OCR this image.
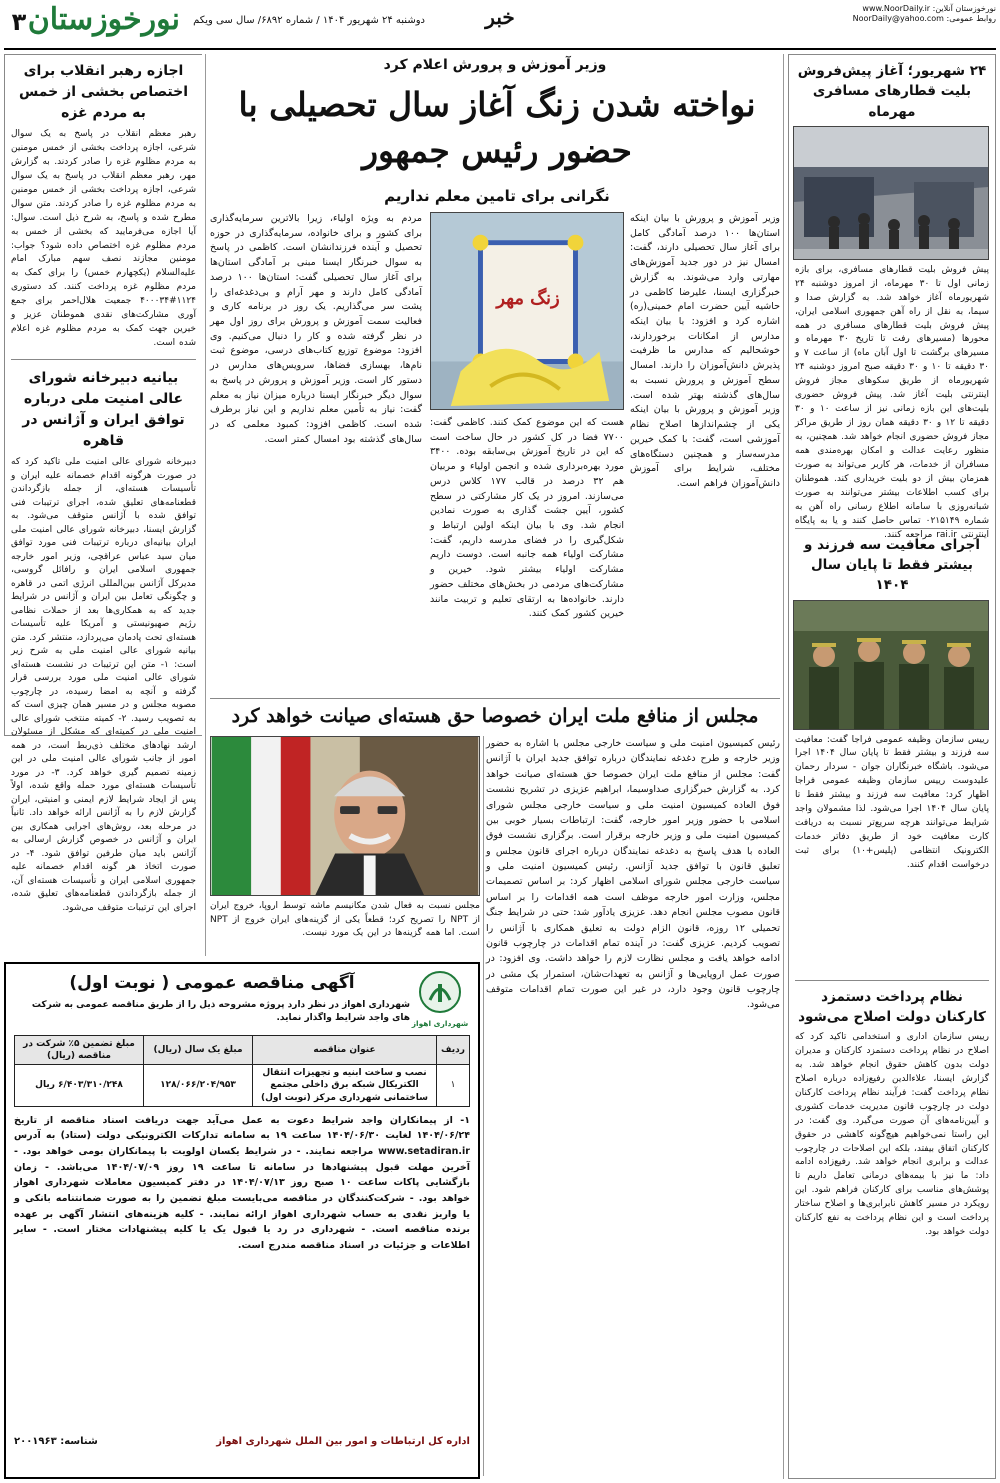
نورخوزستان آنلاین: www.NoorDaily.ir
روابط عمومی: NoorDaily@yahoo.com
خبر
دوشنبه ۲۴ شهریور ۱۴۰۴ / شماره ۶۸۹۲/ سال سی ویکم
نورخوزستان
۳
اجازه رهبر انقلاب برای اختصاص بخشی از خمس به مردم غزه
رهبر معظم انقلاب در پاسخ به یک سوال شرعی، اجازه پرداخت بخشی از خمس مومنین به مردم مظلوم غزه را صادر کردند. به گزارش مهر، رهبر معظم انقلاب در پاسخ به یک سوال شرعی، اجازه پرداخت بخشی از خمس مومنین به مردم مظلوم غزه را صادر کردند. متن سوال مطرح شده و پاسخ، به شرح ذیل است. سوال: آیا اجازه می‌فرمایید که بخشی از خمس به مردم مظلوم غزه اختصاص داده شود؟ جواب: مومنین مجازند نصف سهم مبارک امام علیه‌السلام (یکچهارم خمس) را برای کمک به مردم مظلوم غزه پرداخت کنند. کد دستوری ۱۱۲۴#۴۰۰۰۳۴ جمعیت هلال‌احمر برای جمع آوری مشارکت‌های نقدی هموطنان عزیز و خیرین جهت کمک به مردم مظلوم غزه اعلام شده است.
بیانیه دبیرخانه شورای عالی امنیت ملی درباره توافق ایران و آژانس در قاهره
دبیرخانه شورای عالی امنیت ملی تاکید کرد که در صورت هرگونه اقدام خصمانه علیه ایران و تأسیسات هسته‌ای، از جمله بازگرداندن قطعنامه‌های تعلیق شده، اجرای ترتیبات فنی توافق شده با آژانس متوقف می‌شود. به گزارش ایسنا، دبیرخانه شورای عالی امنیت ملی ایران بیانیه‌ای درباره ترتیبات فنی مورد توافق میان سید عباس عراقچی، وزیر امور خارجه جمهوری اسلامی ایران و رافائل گروسی، مدیرکل آژانس بین‌المللی انرژی اتمی در قاهره و چگونگی تعامل بین ایران و آژانس در شرایط جدید که به همکاری‌ها بعد از حملات نظامی رژیم صهیونیستی و آمریکا علیه تأسیسات هسته‌ای تحت پادمان می‌پردازد، منتشر کرد. متن بیانیه شورای عالی امنیت ملی به شرح زیر است: ۱- متن این ترتیبات در نشست هسته‌ای شورای عالی امنیت ملی مورد بررسی قرار گرفته و آنچه به امضا رسیده، در چارچوب مصوبه مجلس و در مسیر همان چیزی است که به تصویب رسید. ۲- کمیته منتخب شورای عالی امنیت ملی در کمیته‌ای که مشکل از مسئولان ارشد نهادهای مختلف ذی‌ربط است، در همه امور از جانب شورای عالی امنیت ملی در این زمینه تصمیم گیری خواهد کرد. ۳- در مورد تأسیسات هسته‌ای مورد حمله واقع شده، اولاً پس از ایجاد شرایط لازم ایمنی و امنیتی، ایران گزارش لازم را به آژانس ارائه خواهد داد. ثانیاً در مرحله بعد، روش‌های اجرایی همکاری بین ایران و آژانس در خصوص گزارش ارسالی به آژانس باید میان طرفین توافق شود. ۴- در صورت اتخاذ هر گونه اقدام خصمانه علیه جمهوری اسلامی ایران و تأسیسات هسته‌ای آن، از جمله بازگرداندن قطعنامه‌های تعلیق شده، اجرای این ترتیبات متوقف می‌شود.
۲۴ شهریور؛ آغاز پیش‌فروش بلیت قطارهای مسافری مهرماه
پیش فروش بلیت قطارهای مسافری، برای بازه زمانی اول تا ۳۰ مهرماه، از امروز دوشنبه ۲۴ شهریورماه آغاز خواهد شد. به گزارش صدا و سیما، به نقل از راه آهن جمهوری اسلامی ایران، پیش فروش بلیت قطارهای مسافری در همه محورها (مسیرهای رفت تا تاریخ ۳۰ مهرماه و مسیرهای برگشت تا اول آبان ماه) از ساعت ۷ و ۳۰ دقیقه تا ۱۰ و ۳۰ دقیقه صبح امروز دوشنبه ۲۴ شهریورماه از طریق سکوهای مجاز فروش اینترنتی بلیت آغاز شد. پیش فروش حضوری بلیت‌های این بازه زمانی نیز از ساعت ۱۰ و ۳۰ دقیقه تا ۱۲ و ۳۰ دقیقه همان روز از طریق مراکز مجاز فروش حضوری انجام خواهد شد. همچنین، به منظور رعایت عدالت و امکان بهره‌مندی همه مسافران از خدمات، هر کاربر می‌تواند به صورت همزمان بیش از دو بلیت خریداری کند. هموطنان برای کسب اطلاعات بیشتر می‌توانند به صورت شبانه‌روزی با سامانه اطلاع رسانی راه آهن به شماره ۰۲۱۵۱۴۹ تماس حاصل کنند و یا به پایگاه اینترنتی rai.ir مراجعه کنند.
اجرای معافیت سه فرزند و بیشتر فقط تا پایان سال ۱۴۰۴
رییس سازمان وظیفه عمومی فراجا گفت: معافیت سه فرزند و بیشتر فقط تا پایان سال ۱۴۰۴ اجرا می‌شود. باشگاه خبرنگاران جوان - سردار رحمان علیدوست رییس سازمان وظیفه عمومی فراجا اظهار کرد: معافیت سه فرزند و بیشتر فقط تا پایان سال ۱۴۰۴ اجرا می‌شود. لذا مشمولان واجد شرایط می‌توانند هرچه سریع‌تر نسبت به دریافت کارت معافیت خود از طریق دفاتر خدمات الکترونیک انتظامی (پلیس+۱۰) برای ثبت درخواست اقدام کنند.
نظام پرداخت دستمزد کارکنان دولت اصلاح می‌شود
رییس سازمان اداری و استخدامی تاکید کرد که اصلاح در نظام پرداخت دستمزد کارکنان و مدیران دولت بدون کاهش حقوق انجام خواهد شد. به گزارش ایسنا، علاءالدین رفیع‌زاده درباره اصلاح نظام پرداخت گفت: فرآیند نظام پرداخت کارکنان دولت در چارچوب قانون مدیریت خدمات کشوری و آیین‌نامه‌های آن صورت می‌گیرد. وی گفت: در این راستا نمی‌خواهیم هیچ‌گونه کاهشی در حقوق کارکنان اتفاق بیفتد، بلکه این اصلاحات در چارچوب عدالت و برابری انجام خواهد شد. رفیع‌زاده ادامه داد: ما نیز با بیمه‌های درمانی تعامل داریم تا پوشش‌های مناسب برای کارکنان فراهم شود. این رویکرد در مسیر کاهش نابرابری‌ها و اصلاح ساختار پرداخت است و این نظام پرداخت به نفع کارکنان دولت خواهد بود.
وزیر آموزش و پرورش اعلام کرد
نواخته شدن زنگ آغاز سال تحصیلی با حضور رئیس جمهور
نگرانی برای تامین معلم نداریم
زنگ مهر
وزیر آموزش و پرورش با بیان اینکه استان‌ها ۱۰۰ درصد آمادگی کامل برای آغاز سال تحصیلی دارند، گفت: امسال نیز در دور جدید آموزش‌های مهارتی وارد می‌شوند. به گزارش خبرگزاری ایسنا، علیرضا کاظمی در حاشیه آیین حضرت امام خمینی(ره) اشاره کرد و افزود: با بیان اینکه مدارس از امکانات برخوردارند، خوشحالیم که مدارس ما ظرفیت پذیرش دانش‌آموزان را دارند. امسال سطح آموزش و پرورش نسبت به سال‌های گذشته بهتر شده است. وزیر آموزش و پرورش با بیان اینکه یکی از چشم‌اندازها اصلاح نظام آموزشی است، گفت: با کمک خیرین مدرسه‌ساز و همچنین دستگاه‌های مختلف، شرایط برای آموزش دانش‌آموزان فراهم است.
مردم به ویژه اولیاء، زیرا بالاترین سرمایه‌گذاری برای کشور و برای خانواده، سرمایه‌گذاری در حوزه تحصیل و آینده فرزندانشان است. کاظمی در پاسخ به سوال خبرنگار ایسنا مبنی بر آمادگی استان‌ها برای آغاز سال تحصیلی گفت: استان‌ها ۱۰۰ درصد آمادگی کامل دارند و مهر آرام و بی‌دغدغه‌ای را پشت سر می‌گذاریم. یک روز در برنامه کاری و فعالیت سمت آموزش و پرورش برای روز اول مهر در نظر گرفته شده و کار را دنبال می‌کنیم. وی افزود: موضوع توزیع کتاب‌های درسی، موضوع ثبت نام‌ها، بهسازی فضاها، سرویس‌های مدارس در دستور کار است. وزیر آموزش و پرورش در پاسخ به سوال دیگر خبرنگار ایسنا درباره میزان نیاز به معلم گفت: نیاز به تأمین معلم نداریم و این نیاز برطرف شده است. کاظمی افزود: کمبود معلمی که در سال‌های گذشته بود امسال کمتر است.
هست که این موضوع کمک کنند. کاظمی گفت: ۷۷۰۰ فضا در کل کشور در حال ساخت است که این در تاریخ آموزش بی‌سابقه بوده. ۳۴۰۰ مورد بهره‌برداری شده و انجمن اولیاء و مربیان هم ۳۲ درصد در قالب ۱۷۷ کلاس درس می‌سازند. امروز در یک کار مشارکتی در سطح کشور، آیین جشت گذاری به صورت نمادین انجام شد. وی با بیان اینکه اولین ارتباط و شکل‌گیری را در فضای مدرسه داریم، گفت: مشارکت اولیاء همه جانبه است. دوست داریم مشارکت اولیاء بیشتر شود. خیرین و مشارکت‌های مردمی در بخش‌های مختلف حضور دارند. خانواده‌ها به ارتقای تعلیم و تربیت مانند خیرین کشور کمک کنند.
مجلس از منافع ملت ایران خصوصا حق هسته‌ای صیانت خواهد کرد
مجلس نسبت به فعال شدن مکانیسم ماشه توسط اروپا، خروج ایران از NPT را تصریح کرد؛ قطعاً یکی از گزینه‌های ایران خروج از NPT است. اما همه گزینه‌ها در این یک مورد نیست.
رئیس کمیسیون امنیت ملی و سیاست خارجی مجلس با اشاره به حضور وزیر خارجه و طرح دغدغه نمایندگان درباره توافق جدید ایران با آژانس گفت: مجلس از منافع ملت ایران خصوصا حق هسته‌ای صیانت خواهد کرد. به گزارش خبرگزاری صداوسیما، ابراهیم عزیزی در تشریح نشست فوق العاده کمیسیون امنیت ملی و سیاست خارجی مجلس شورای اسلامی با حضور وزیر امور خارجه، گفت: ارتباطات بسیار خوبی بین کمیسیون امنیت ملی و وزیر خارجه برقرار است. برگزاری نشست فوق العاده با هدف پاسخ به دغدغه نمایندگان درباره اجرای قانون مجلس و تعلیق قانون با توافق جدید آژانس. رئیس کمیسیون امنیت ملی و سیاست خارجی مجلس شورای اسلامی اظهار کرد: بر اساس تصمیمات مجلس، وزارت امور خارجه موظف است همه اقدامات را بر اساس قانون مصوب مجلس انجام دهد. عزیزی یادآور شد: حتی در شرایط جنگ تحمیلی ۱۲ روزه، قانون الزام دولت به تعلیق همکاری با آژانس را تصویب کردیم. عزیزی گفت: در آینده تمام اقدامات در چارچوب قانون ادامه خواهد یافت و مجلس نظارت لازم را خواهد داشت. وی افزود: در صورت عمل اروپایی‌ها و آژانس به تعهدات‌شان، استمرار یک مشی در چارچوب قانون وجود دارد، در غیر این صورت تمام اقدامات متوقف می‌شود.
شهرداری اهواز
آگهی مناقصه عمومی ( نوبت اول)
شهرداری اهواز در نظر دارد پروژه مشروحه ذیل را از طریق مناقصه عمومی به شرکت های واجد شرایط واگذار نماید.
ردیف	عنوان مناقصه	مبلغ یک سال (ریال)	مبلغ تضمین ۵٪ شرکت در مناقصه (ریال)
۱	نصب و ساخت ابنیه و تجهیزات انتقال الکتریکال شبکه برق داخلی مجتمع ساختمانی شهرداری مرکز (نوبت اول)	۱۲۸/۰۶۶/۲۰۴/۹۵۳	۶/۴۰۳/۳۱۰/۲۴۸ ریال
۱- از پیمانکاران واجد شرایط دعوت به عمل می‌آید جهت دریافت اسناد مناقصه از تاریخ ۱۴۰۴/۰۶/۲۴ لغایت ۱۴۰۴/۰۶/۳۰ ساعت ۱۹ به سامانه تدارکات الکترونیکی دولت (ستاد) به آدرس www.setadiran.ir مراجعه نمایند. - در شرایط یکسان اولویت با پیمانکاران بومی خواهد بود. - آخرین مهلت قبول پیشنهادها در سامانه تا ساعت ۱۹ روز ۱۴۰۴/۰۷/۰۹ می‌باشد. - زمان بازگشایی پاکات ساعت ۱۰ صبح روز ۱۴۰۴/۰۷/۱۳ در دفتر کمیسیون معاملات شهرداری اهواز خواهد بود. - شرکت‌کنندگان در مناقصه می‌بایست مبلغ تضمین را به صورت ضمانتنامه بانکی و یا واریز نقدی به حساب شهرداری اهواز ارائه نمایند. - کلیه هزینه‌های انتشار آگهی بر عهده برنده مناقصه است. - شهرداری در رد یا قبول یک یا کلیه پیشنهادات مختار است. - سایر اطلاعات و جزئیات در اسناد مناقصه مندرج است.
اداره کل ارتباطات و امور بین الملل شهرداری اهواز
شناسه: ۲۰۰۱۹۶۳
